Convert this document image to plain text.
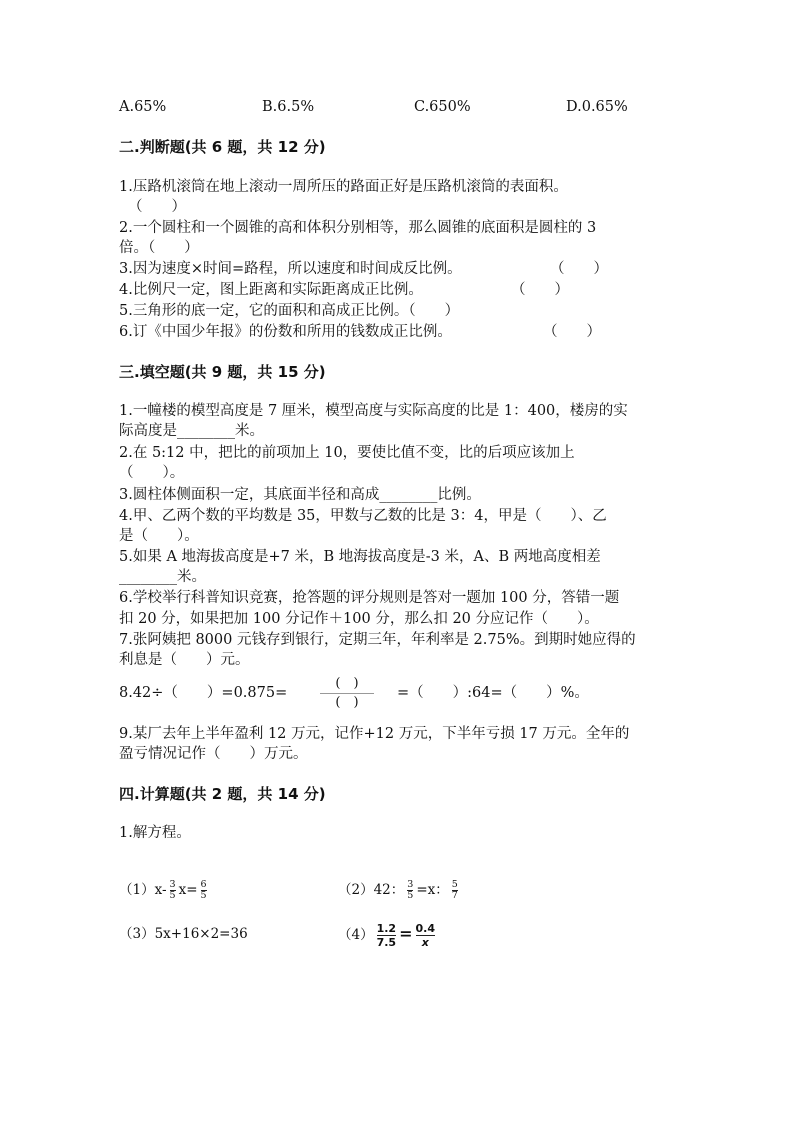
A.65%	B.6.5%	C.650%	D.0.65%
二.判断题(共 6 题，共 12 分)
1.压路机滚筒在地上滚动一周所压的路面正好是压路机滚筒的表面积。
（　　）
2.一个圆柱和一个圆锥的高和体积分别相等，那么圆锥的底面积是圆柱的 3
倍。（　　）
3.因为速度×时间=路程，所以速度和时间成反比例。	（　　）
4.比例尺一定，图上距离和实际距离成正比例。	（　　）
5.三角形的底一定，它的面积和高成正比例。（　　）
6.订《中国少年报》的份数和所用的钱数成正比例。	（　　）
三.填空题(共 9 题，共 15 分)
1.一幢楼的模型高度是 7 厘米，模型高度与实际高度的比是 1：400，楼房的实
际高度是________米。
2.在 5:12 中，把比的前项加上 10，要使比值不变，比的后项应该加上
（　　）。
3.圆柱体侧面积一定，其底面半径和高成________比例。
4.甲、乙两个数的平均数是 35，甲数与乙数的比是 3：4，甲是（　　）、乙
是（　　）。
5.如果 A 地海拔高度是+7 米，B 地海拔高度是-3 米，A、B 两地高度相差
________米。
6.学校举行科普知识竞赛，抢答题的评分规则是答对一题加 100 分，答错一题
扣 20 分，如果把加 100 分记作＋100 分，那么扣 20 分应记作（　　）。
7.张阿姨把 8000 元钱存到银行，定期三年，年利率是 2.75%。到期时她应得的
利息是（　　）元。
8.42÷（　　）=0.875=
(　)
(　)
=（　　）:64=（　　）%。
9.某厂去年上半年盈利 12 万元，记作+12 万元，下半年亏损 17 万元。全年的
盈亏情况记作（　　）万元。
四.计算题(共 2 题，共 14 分)
1.解方程。
$(1)x- \frac{3}{5} x= \frac{6}{5}$	（2）42： $\frac{3}{5} =x$： $\frac{5}{7}$
（3）5x+16×2=36	$(4) \frac{1.2}{7.5} = \frac{0.4}{x}$
